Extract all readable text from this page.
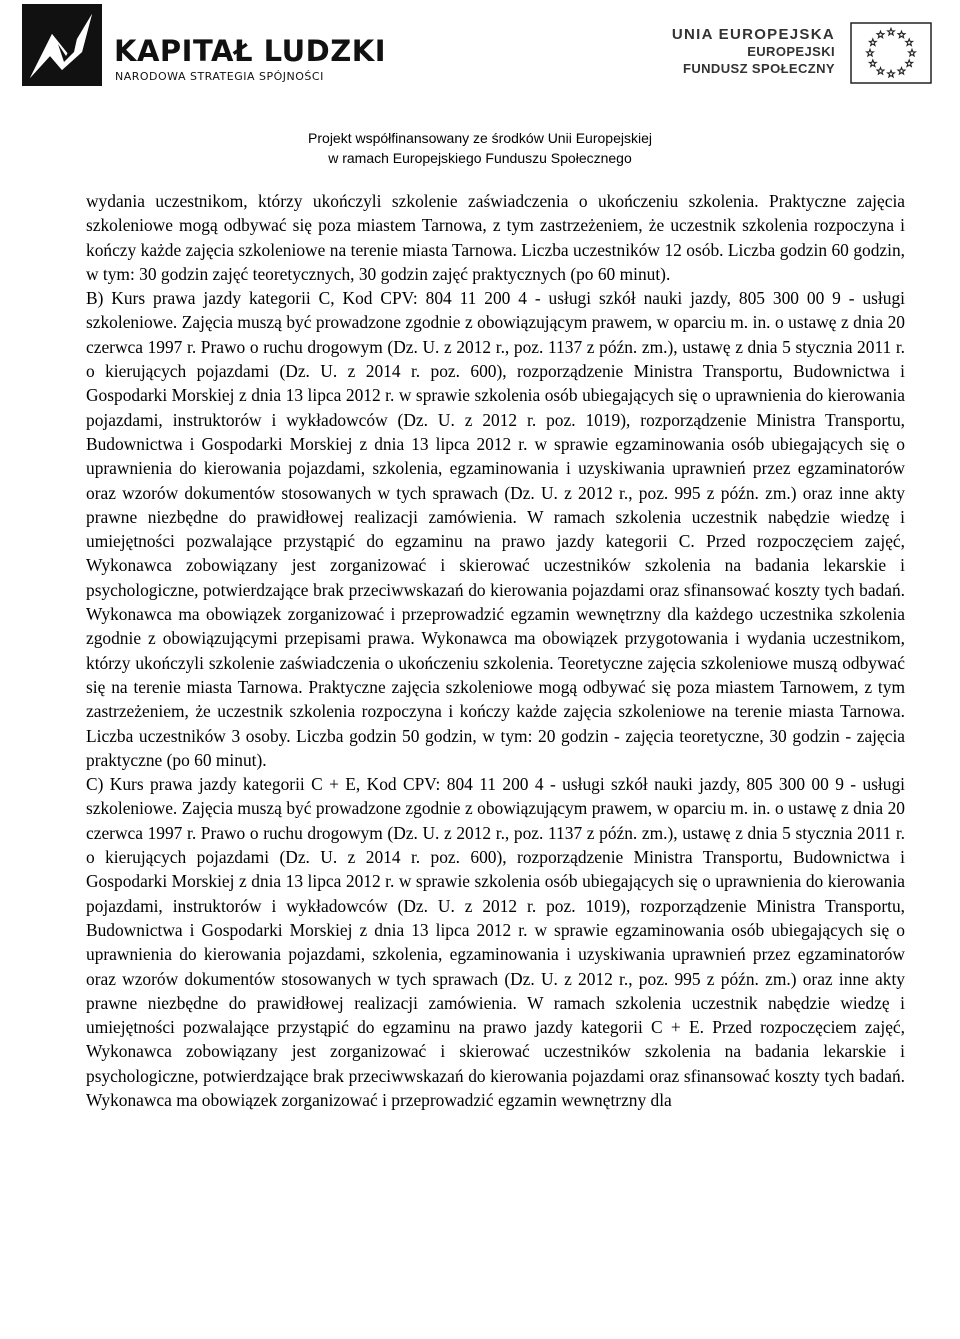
KAPITAŁ LUDZKI
NARODOWA STRATEGIA SPÓJNOŚCI
UNIA EUROPEJSKA
EUROPEJSKI
FUNDUSZ SPOŁECZNY
Projekt współfinansowany ze środków Unii Europejskiej
w ramach Europejskiego Funduszu Społecznego

wydania uczestnikom, którzy ukończyli szkolenie zaświadczenia o ukończeniu szkolenia. Praktyczne zajęcia szkoleniowe mogą odbywać się poza miastem Tarnowa, z tym zastrzeżeniem, że uczestnik szkolenia rozpoczyna i kończy każde zajęcia szkoleniowe na terenie miasta Tarnowa. Liczba uczestników 12 osób. Liczba godzin 60 godzin, w tym: 30 godzin zajęć teoretycznych, 30 godzin zajęć praktycznych (po 60 minut).

B) Kurs prawa jazdy kategorii C, Kod CPV: 804 11 200 4 - usługi szkół nauki jazdy, 805 300 00 9 - usługi szkoleniowe. Zajęcia muszą być prowadzone zgodnie z obowiązującym prawem, w oparciu m. in. o ustawę z dnia 20 czerwca 1997 r. Prawo o ruchu drogowym (Dz. U. z 2012 r., poz. 1137 z późn. zm.), ustawę z dnia 5 stycznia 2011 r. o kierujących pojazdami (Dz. U. z 2014 r. poz. 600), rozporządzenie Ministra Transportu, Budownictwa i Gospodarki Morskiej z dnia 13 lipca 2012 r. w sprawie szkolenia osób ubiegających się o uprawnienia do kierowania pojazdami, instruktorów i wykładowców (Dz. U. z 2012 r. poz. 1019), rozporządzenie Ministra Transportu, Budownictwa i Gospodarki Morskiej z dnia 13 lipca 2012 r. w sprawie egzaminowania osób ubiegających się o uprawnienia do kierowania pojazdami, szkolenia, egzaminowania i uzyskiwania uprawnień przez egzaminatorów oraz wzorów dokumentów stosowanych w tych sprawach (Dz. U. z 2012 r., poz. 995 z późn. zm.) oraz inne akty prawne niezbędne do prawidłowej realizacji zamówienia. W ramach szkolenia uczestnik nabędzie wiedzę i umiejętności pozwalające przystąpić do egzaminu na prawo jazdy kategorii C. Przed rozpoczęciem zajęć, Wykonawca zobowiązany jest zorganizować i skierować uczestników szkolenia na badania lekarskie i psychologiczne, potwierdzające brak przeciwwskazań do kierowania pojazdami oraz sfinansować koszty tych badań. Wykonawca ma obowiązek zorganizować i przeprowadzić egzamin wewnętrzny dla każdego uczestnika szkolenia zgodnie z obowiązującymi przepisami prawa. Wykonawca ma obowiązek przygotowania i wydania uczestnikom, którzy ukończyli szkolenie zaświadczenia o ukończeniu szkolenia. Teoretyczne zajęcia szkoleniowe muszą odbywać się na terenie miasta Tarnowa. Praktyczne zajęcia szkoleniowe mogą odbywać się poza miastem Tarnowem, z tym zastrzeżeniem, że uczestnik szkolenia rozpoczyna i kończy każde zajęcia szkoleniowe na terenie miasta Tarnowa. Liczba uczestników 3 osoby. Liczba godzin 50 godzin, w tym: 20 godzin - zajęcia teoretyczne, 30 godzin - zajęcia praktyczne (po 60 minut).

C) Kurs prawa jazdy kategorii C + E, Kod CPV: 804 11 200 4 - usługi szkół nauki jazdy, 805 300 00 9 - usługi szkoleniowe. Zajęcia muszą być prowadzone zgodnie z obowiązującym prawem, w oparciu m. in. o ustawę z dnia 20 czerwca 1997 r. Prawo o ruchu drogowym (Dz. U. z 2012 r., poz. 1137 z późn. zm.), ustawę z dnia 5 stycznia 2011 r. o kierujących pojazdami (Dz. U. z 2014 r. poz. 600), rozporządzenie Ministra Transportu, Budownictwa i Gospodarki Morskiej z dnia 13 lipca 2012 r. w sprawie szkolenia osób ubiegających się o uprawnienia do kierowania pojazdami, instruktorów i wykładowców (Dz. U. z 2012 r. poz. 1019), rozporządzenie Ministra Transportu, Budownictwa i Gospodarki Morskiej z dnia 13 lipca 2012 r. w sprawie egzaminowania osób ubiegających się o uprawnienia do kierowania pojazdami, szkolenia, egzaminowania i uzyskiwania uprawnień przez egzaminatorów oraz wzorów dokumentów stosowanych w tych sprawach (Dz. U. z 2012 r., poz. 995 z późn. zm.) oraz inne akty prawne niezbędne do prawidłowej realizacji zamówienia. W ramach szkolenia uczestnik nabędzie wiedzę i umiejętności pozwalające przystąpić do egzaminu na prawo jazdy kategorii C + E. Przed rozpoczęciem zajęć, Wykonawca zobowiązany jest zorganizować i skierować uczestników szkolenia na badania lekarskie i psychologiczne, potwierdzające brak przeciwwskazań do kierowania pojazdami oraz sfinansować koszty tych badań. Wykonawca ma obowiązek zorganizować i przeprowadzić egzamin wewnętrzny dla
